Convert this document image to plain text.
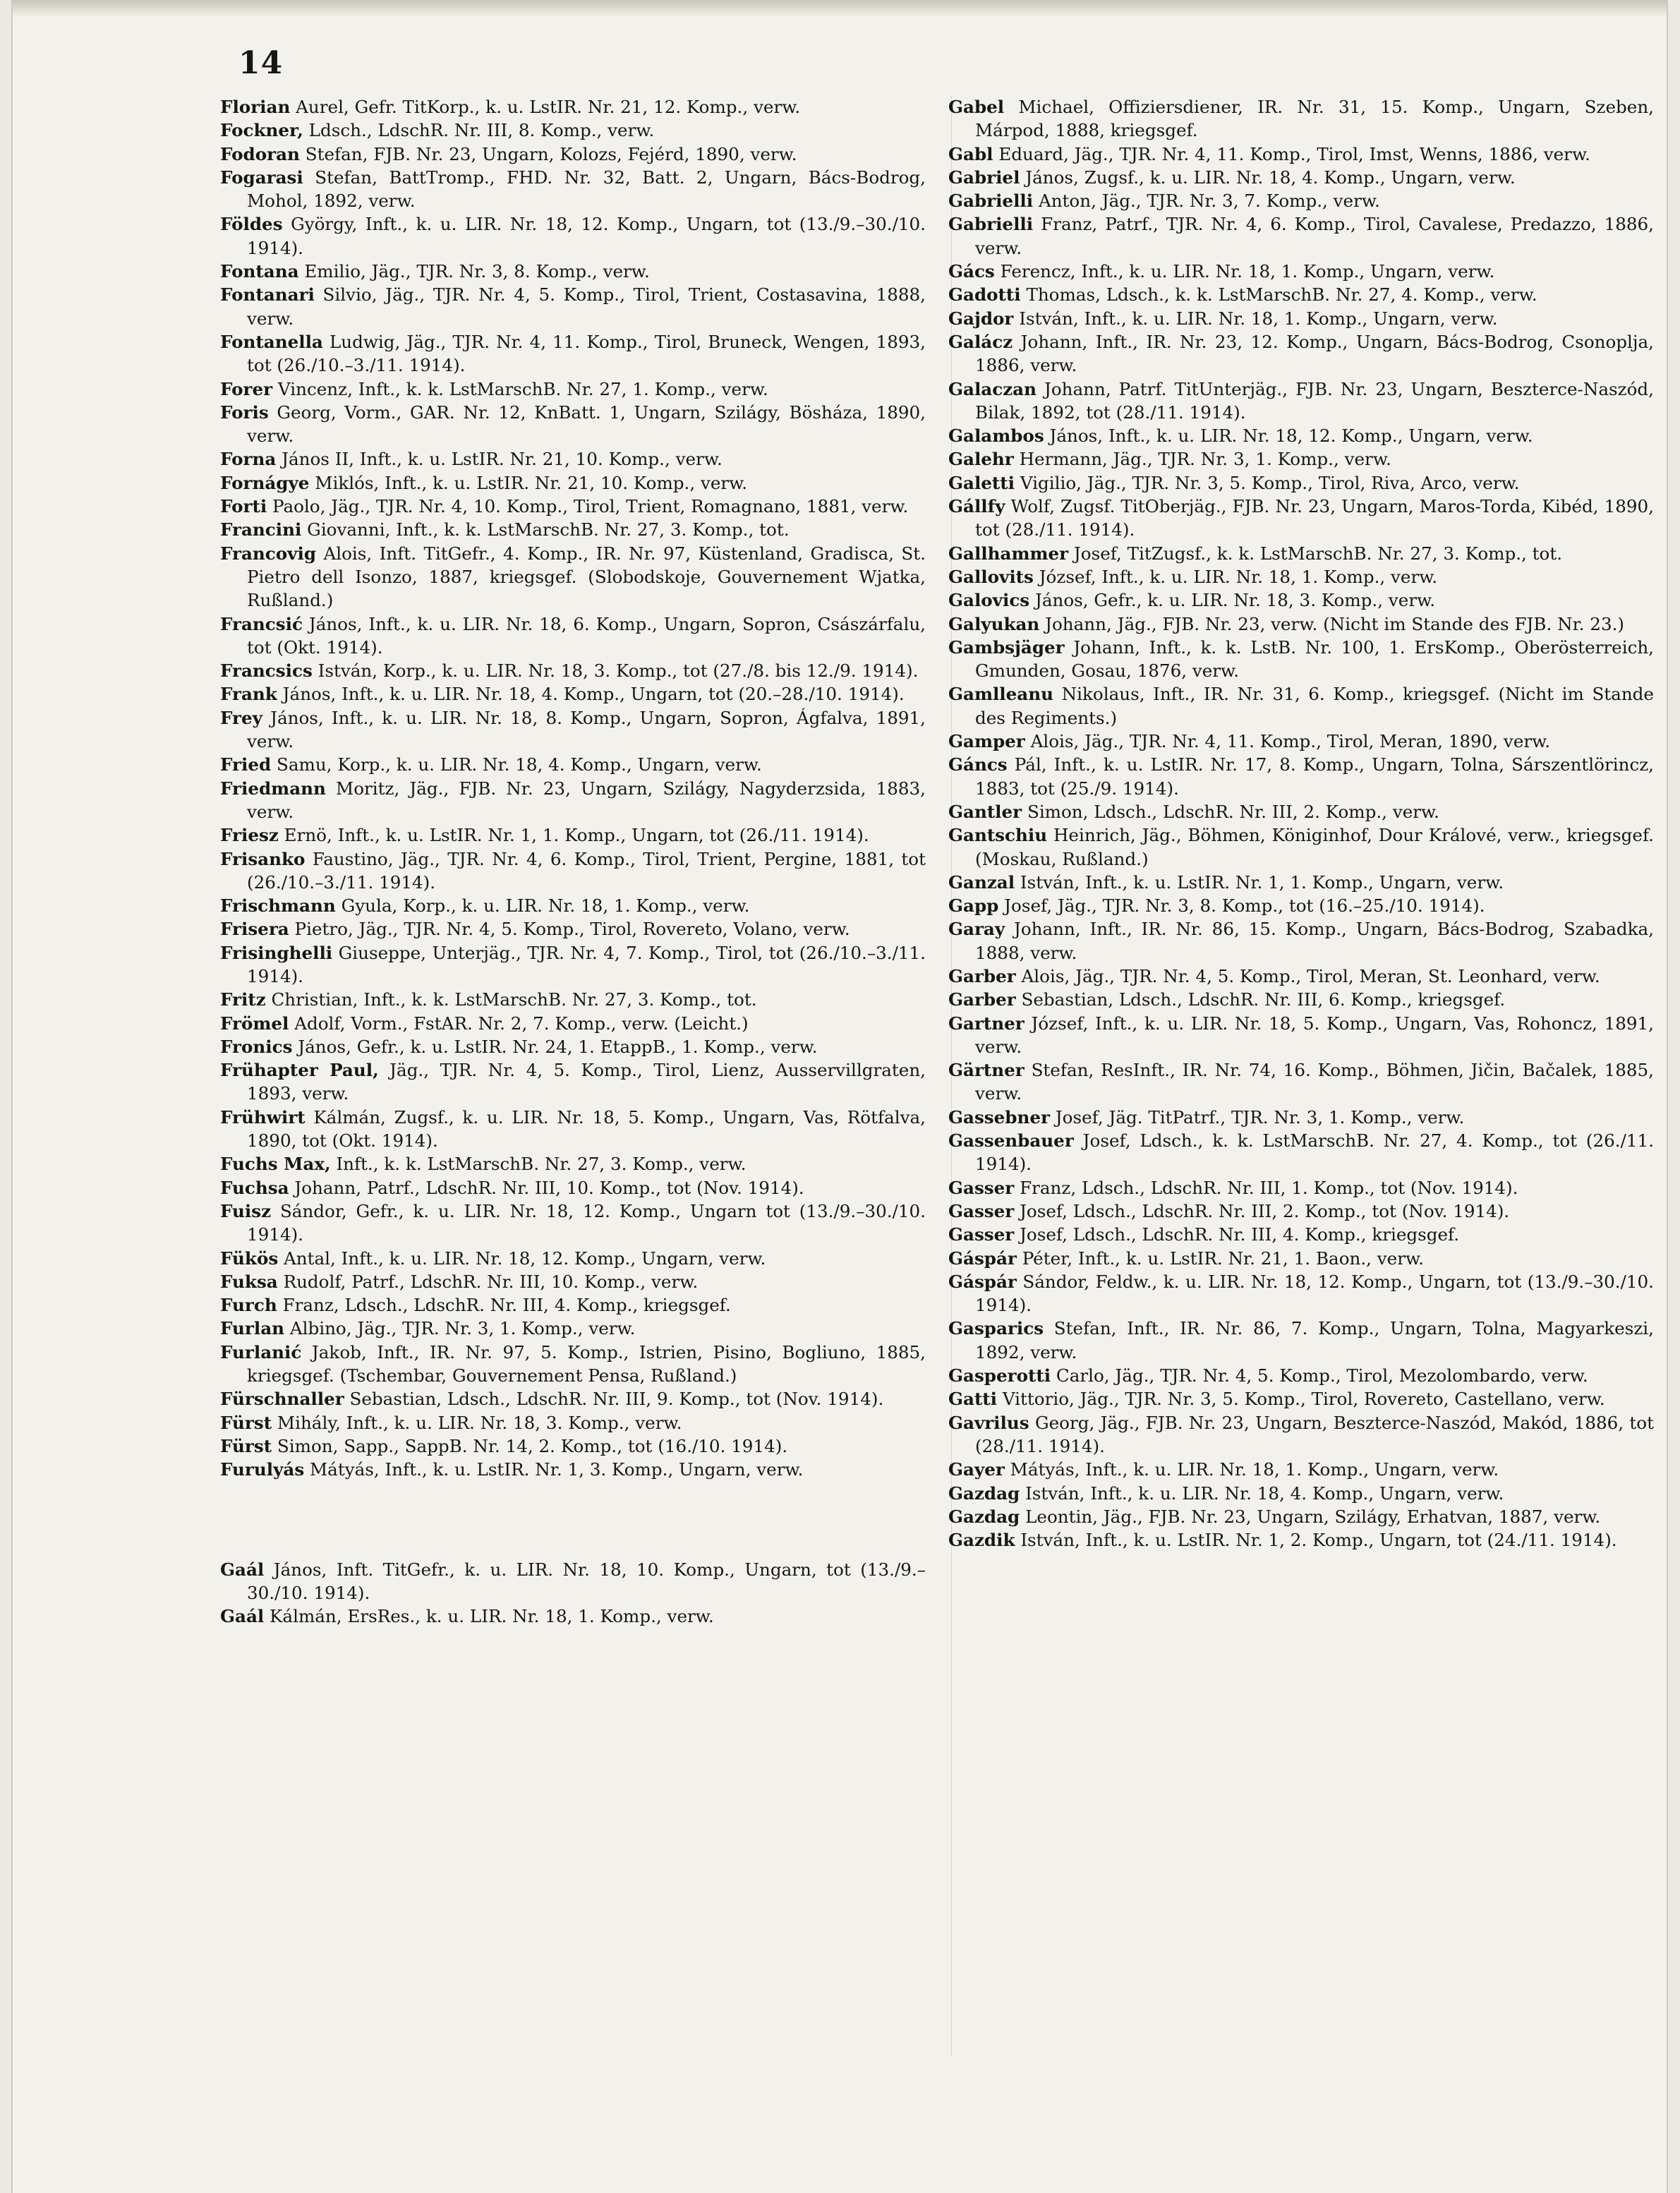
14

Florian Aurel, Gefr. TitKorp., k. u. LstIR. Nr. 21, 12. Komp., verw.

Fockner, Ldsch., LdschR. Nr. III, 8. Komp., verw.

Fodoran Stefan, FJB. Nr. 23, Ungarn, Kolozs, Fejérd, 1890, verw.

Fogarasi Stefan, BattTromp., FHD. Nr. 32, Batt. 2, Ungarn, Bács-Bodrog, Mohol, 1892, verw.

Földes György, Inft., k. u. LIR. Nr. 18, 12. Komp., Ungarn, tot (13./9.–30./10. 1914).

Fontana Emilio, Jäg., TJR. Nr. 3, 8. Komp., verw.

Fontanari Silvio, Jäg., TJR. Nr. 4, 5. Komp., Tirol, Trient, Costasavina, 1888, verw.

Fontanella Ludwig, Jäg., TJR. Nr. 4, 11. Komp., Tirol, Bruneck, Wengen, 1893, tot (26./10.–3./11. 1914).

Forer Vincenz, Inft., k. k. LstMarschB. Nr. 27, 1. Komp., verw.

Foris Georg, Vorm., GAR. Nr. 12, KnBatt. 1, Ungarn, Szilágy, Bösháza, 1890, verw.

Forna János II, Inft., k. u. LstIR. Nr. 21, 10. Komp., verw.

Fornágye Miklós, Inft., k. u. LstIR. Nr. 21, 10. Komp., verw.

Forti Paolo, Jäg., TJR. Nr. 4, 10. Komp., Tirol, Trient, Romagnano, 1881, verw.

Francini Giovanni, Inft., k. k. LstMarschB. Nr. 27, 3. Komp., tot.

Francovig Alois, Inft. TitGefr., 4. Komp., IR. Nr. 97, Küstenland, Gradisca, St. Pietro dell Isonzo, 1887, kriegsgef. (Slobodskoje, Gouvernement Wjatka, Rußland.)

Francsić János, Inft., k. u. LIR. Nr. 18, 6. Komp., Ungarn, Sopron, Császárfalu, tot (Okt. 1914).

Francsics István, Korp., k. u. LIR. Nr. 18, 3. Komp., tot (27./8. bis 12./9. 1914).

Frank János, Inft., k. u. LIR. Nr. 18, 4. Komp., Ungarn, tot (20.–28./10. 1914).

Frey János, Inft., k. u. LIR. Nr. 18, 8. Komp., Ungarn, Sopron, Ágfalva, 1891, verw.

Fried Samu, Korp., k. u. LIR. Nr. 18, 4. Komp., Ungarn, verw.

Friedmann Moritz, Jäg., FJB. Nr. 23, Ungarn, Szilágy, Nagyderzsida, 1883, verw.

Friesz Ernö, Inft., k. u. LstIR. Nr. 1, 1. Komp., Ungarn, tot (26./11. 1914).

Frisanko Faustino, Jäg., TJR. Nr. 4, 6. Komp., Tirol, Trient, Pergine, 1881, tot (26./10.–3./11. 1914).

Frischmann Gyula, Korp., k. u. LIR. Nr. 18, 1. Komp., verw.

Frisera Pietro, Jäg., TJR. Nr. 4, 5. Komp., Tirol, Rovereto, Volano, verw.

Frisinghelli Giuseppe, Unterjäg., TJR. Nr. 4, 7. Komp., Tirol, tot (26./10.–3./11. 1914).

Fritz Christian, Inft., k. k. LstMarschB. Nr. 27, 3. Komp., tot.

Frömel Adolf, Vorm., FstAR. Nr. 2, 7. Komp., verw. (Leicht.)

Fronics János, Gefr., k. u. LstIR. Nr. 24, 1. EtappB., 1. Komp., verw.

Frühapter Paul, Jäg., TJR. Nr. 4, 5. Komp., Tirol, Lienz, Ausservillgraten, 1893, verw.

Frühwirt Kálmán, Zugsf., k. u. LIR. Nr. 18, 5. Komp., Ungarn, Vas, Rötfalva, 1890, tot (Okt. 1914).

Fuchs Max, Inft., k. k. LstMarschB. Nr. 27, 3. Komp., verw.

Fuchsa Johann, Patrf., LdschR. Nr. III, 10. Komp., tot (Nov. 1914).

Fuisz Sándor, Gefr., k. u. LIR. Nr. 18, 12. Komp., Ungarn tot (13./9.–30./10. 1914).

Fükös Antal, Inft., k. u. LIR. Nr. 18, 12. Komp., Ungarn, verw.

Fuksa Rudolf, Patrf., LdschR. Nr. III, 10. Komp., verw.

Furch Franz, Ldsch., LdschR. Nr. III, 4. Komp., kriegsgef.

Furlan Albino, Jäg., TJR. Nr. 3, 1. Komp., verw.

Furlanić Jakob, Inft., IR. Nr. 97, 5. Komp., Istrien, Pisino, Bogliuno, 1885, kriegsgef. (Tschembar, Gouvernement Pensa, Rußland.)

Fürschnaller Sebastian, Ldsch., LdschR. Nr. III, 9. Komp., tot (Nov. 1914).

Fürst Mihály, Inft., k. u. LIR. Nr. 18, 3. Komp., verw.

Fürst Simon, Sapp., SappB. Nr. 14, 2. Komp., tot (16./10. 1914).

Furulyás Mátyás, Inft., k. u. LstIR. Nr. 1, 3. Komp., Ungarn, verw.

Gaál János, Inft. TitGefr., k. u. LIR. Nr. 18, 10. Komp., Ungarn, tot (13./9.–30./10. 1914).

Gaál Kálmán, ErsRes., k. u. LIR. Nr. 18, 1. Komp., verw.

Gabel Michael, Offiziersdiener, IR. Nr. 31, 15. Komp., Ungarn, Szeben, Márpod, 1888, kriegsgef.

Gabl Eduard, Jäg., TJR. Nr. 4, 11. Komp., Tirol, Imst, Wenns, 1886, verw.

Gabriel János, Zugsf., k. u. LIR. Nr. 18, 4. Komp., Ungarn, verw.

Gabrielli Anton, Jäg., TJR. Nr. 3, 7. Komp., verw.

Gabrielli Franz, Patrf., TJR. Nr. 4, 6. Komp., Tirol, Cavalese, Predazzo, 1886, verw.

Gács Ferencz, Inft., k. u. LIR. Nr. 18, 1. Komp., Ungarn, verw.

Gadotti Thomas, Ldsch., k. k. LstMarschB. Nr. 27, 4. Komp., verw.

Gajdor István, Inft., k. u. LIR. Nr. 18, 1. Komp., Ungarn, verw.

Galácz Johann, Inft., IR. Nr. 23, 12. Komp., Ungarn, Bács-Bodrog, Csonoplja, 1886, verw.

Galaczan Johann, Patrf. TitUnterjäg., FJB. Nr. 23, Ungarn, Beszterce-Naszód, Bilak, 1892, tot (28./11. 1914).

Galambos János, Inft., k. u. LIR. Nr. 18, 12. Komp., Ungarn, verw.

Galehr Hermann, Jäg., TJR. Nr. 3, 1. Komp., verw.

Galetti Vigilio, Jäg., TJR. Nr. 3, 5. Komp., Tirol, Riva, Arco, verw.

Gállfy Wolf, Zugsf. TitOberjäg., FJB. Nr. 23, Ungarn, Maros-Torda, Kibéd, 1890, tot (28./11. 1914).

Gallhammer Josef, TitZugsf., k. k. LstMarschB. Nr. 27, 3. Komp., tot.

Gallovits József, Inft., k. u. LIR. Nr. 18, 1. Komp., verw.

Galovics János, Gefr., k. u. LIR. Nr. 18, 3. Komp., verw.

Galyukan Johann, Jäg., FJB. Nr. 23, verw. (Nicht im Stande des FJB. Nr. 23.)

Gambsjäger Johann, Inft., k. k. LstB. Nr. 100, 1. ErsKomp., Oberösterreich, Gmunden, Gosau, 1876, verw.

Gamlleanu Nikolaus, Inft., IR. Nr. 31, 6. Komp., kriegsgef. (Nicht im Stande des Regiments.)

Gamper Alois, Jäg., TJR. Nr. 4, 11. Komp., Tirol, Meran, 1890, verw.

Gáncs Pál, Inft., k. u. LstIR. Nr. 17, 8. Komp., Ungarn, Tolna, Sárszentlörincz, 1883, tot (25./9. 1914).

Gantler Simon, Ldsch., LdschR. Nr. III, 2. Komp., verw.

Gantschiu Heinrich, Jäg., Böhmen, Königinhof, Dour Králové, verw., kriegsgef. (Moskau, Rußland.)

Ganzal István, Inft., k. u. LstIR. Nr. 1, 1. Komp., Ungarn, verw.

Gapp Josef, Jäg., TJR. Nr. 3, 8. Komp., tot (16.–25./10. 1914).

Garay Johann, Inft., IR. Nr. 86, 15. Komp., Ungarn, Bács-Bodrog, Szabadka, 1888, verw.

Garber Alois, Jäg., TJR. Nr. 4, 5. Komp., Tirol, Meran, St. Leonhard, verw.

Garber Sebastian, Ldsch., LdschR. Nr. III, 6. Komp., kriegsgef.

Gartner József, Inft., k. u. LIR. Nr. 18, 5. Komp., Ungarn, Vas, Rohoncz, 1891, verw.

Gärtner Stefan, ResInft., IR. Nr. 74, 16. Komp., Böhmen, Jičin, Bačalek, 1885, verw.

Gassebner Josef, Jäg. TitPatrf., TJR. Nr. 3, 1. Komp., verw.

Gassenbauer Josef, Ldsch., k. k. LstMarschB. Nr. 27, 4. Komp., tot (26./11. 1914).

Gasser Franz, Ldsch., LdschR. Nr. III, 1. Komp., tot (Nov. 1914).

Gasser Josef, Ldsch., LdschR. Nr. III, 2. Komp., tot (Nov. 1914).

Gasser Josef, Ldsch., LdschR. Nr. III, 4. Komp., kriegsgef.

Gáspár Péter, Inft., k. u. LstIR. Nr. 21, 1. Baon., verw.

Gáspár Sándor, Feldw., k. u. LIR. Nr. 18, 12. Komp., Ungarn, tot (13./9.–30./10. 1914).

Gasparics Stefan, Inft., IR. Nr. 86, 7. Komp., Ungarn, Tolna, Magyarkeszi, 1892, verw.

Gasperotti Carlo, Jäg., TJR. Nr. 4, 5. Komp., Tirol, Mezolombardo, verw.

Gatti Vittorio, Jäg., TJR. Nr. 3, 5. Komp., Tirol, Rovereto, Castellano, verw.

Gavrilus Georg, Jäg., FJB. Nr. 23, Ungarn, Beszterce-Naszód, Makód, 1886, tot (28./11. 1914).

Gayer Mátyás, Inft., k. u. LIR. Nr. 18, 1. Komp., Ungarn, verw.

Gazdag István, Inft., k. u. LIR. Nr. 18, 4. Komp., Ungarn, verw.

Gazdag Leontin, Jäg., FJB. Nr. 23, Ungarn, Szilágy, Erhatvan, 1887, verw.

Gazdik István, Inft., k. u. LstIR. Nr. 1, 2. Komp., Ungarn, tot (24./11. 1914).
